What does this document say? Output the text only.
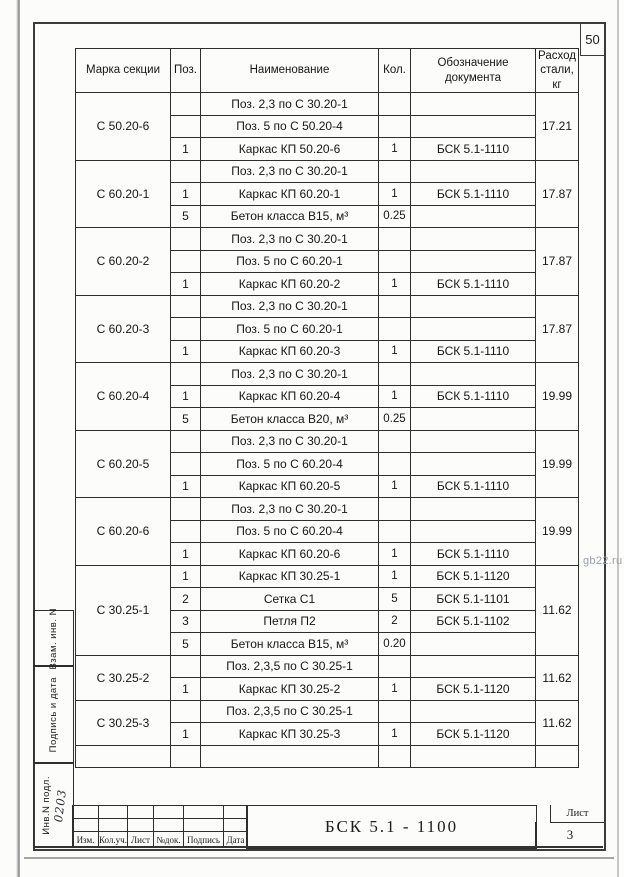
50
Марка секции	Поз.	Наименование	Кол.	Обозначение документа	Расход стали, кг
С 50.20-6		Поз. 2,3 по С 30.20-1			17.21
		Поз. 5 по С 50.20-4			
	1	Каркас КП 50.20-6	1	БСК 5.1-1110	
С 60.20-1		Поз. 2,3 по С 30.20-1			17.87
	1	Каркас КП 60.20-1	1	БСК 5.1-1110	
	5	Бетон класса В15, м³	0.25		
С 60.20-2		Поз. 2,3 по С 30.20-1			17.87
		Поз. 5 по С 60.20-1			
	1	Каркас КП 60.20-2	1	БСК 5.1-1110	
С 60.20-3		Поз. 2,3 по С 30.20-1			17.87
		Поз. 5 по С 60.20-1			
	1	Каркас КП 60.20-3	1	БСК 5.1-1110	
С 60.20-4		Поз. 2,3 по С 30.20-1			19.99
	1	Каркас КП 60.20-4	1	БСК 5.1-1110	
	5	Бетон класса В20, м³	0.25		
С 60.20-5		Поз. 2,3 по С 30.20-1			19.99
		Поз. 5 по С 60.20-4			
	1	Каркас КП 60.20-5	1	БСК 5.1-1110	
С 60.20-6		Поз. 2,3 по С 30.20-1			19.99
		Поз. 5 по С 60.20-4			
	1	Каркас КП 60.20-6	1	БСК 5.1-1110	
С 30.25-1	1	Каркас КП 30.25-1	1	БСК 5.1-1120	11.62
	2	Сетка С1	5	БСК 5.1-1101	
	3	Петля П2	2	БСК 5.1-1102	
	5	Бетон класса В15, м³	0.20		
С 30.25-2		Поз. 2,3,5 по С 30.25-1			11.62
	1	Каркас КП 30.25-2	1	БСК 5.1-1120	
С 30.25-3		Поз. 2,3,5 по С 30.25-1			11.62
	1	Каркас КП 30.25-3	1	БСК 5.1-1120	

gb22.ru
Взам. инв. N
Подпись и дата
Инв.N подл. 0203

Изм.	Кол.уч.	Лист	№док.	Подпись	Дата
БСК 5.1 - 1100
Лист
3
